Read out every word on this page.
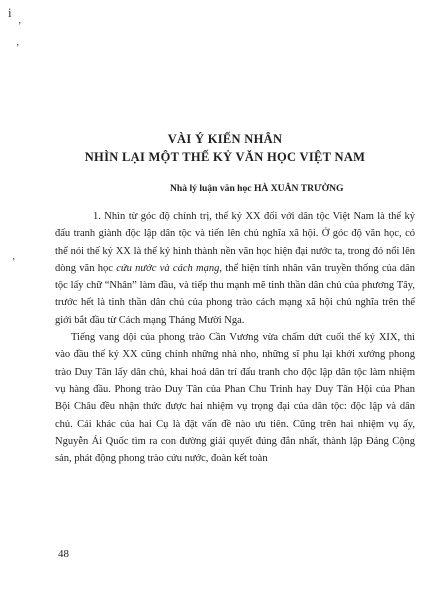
i
ʼ
ʼ
ʼ
VÀI Ý KIẾN NHÂN
NHÌN LẠI MỘT THẾ KỶ VĂN HỌC VIỆT NAM
Nhà lý luận văn học HÀ XUÂN TRƯỜNG

1. Nhìn từ góc độ chính trị, thế kỷ XX đối với dân tộc Việt Nam là thế kỷ đấu tranh giành độc lập dân tộc và tiến lên chủ nghĩa xã hội. Ở góc độ văn học, có thể nói thế kỷ XX là thế kỷ hình thành nền văn học hiện đại nước ta, trong đó nổi lên dòng văn học cứu nước và cách mạng, thể hiện tính nhân văn truyền thống của dân tộc lấy chữ “Nhân” làm đầu, và tiếp thu mạnh mẽ tinh thần dân chủ của phương Tây, trước hết là tinh thần dân chủ của phong trào cách mạng xã hội chủ nghĩa trên thế giới bắt đầu từ Cách mạng Tháng Mười Nga.

Tiếng vang dội của phong trào Cần Vương vừa chấm dứt cuối thế kỷ XIX, thì vào đầu thế kỷ XX cũng chính những nhà nho, những sĩ phu lại khởi xướng phong trào Duy Tân lấy dân chủ, khai hoá dân trí đấu tranh cho độc lập dân tộc làm nhiệm vụ hàng đầu. Phong trào Duy Tân của Phan Chu Trinh hay Duy Tân Hội của Phan Bội Châu đều nhận thức được hai nhiệm vụ trọng đại của dân tộc: độc lập và dân chủ. Cái khác của hai Cụ là đặt vấn đề nào ưu tiên. Cũng trên hai nhiệm vụ ấy, Nguyễn Ái Quốc tìm ra con đường giải quyết đúng đắn nhất, thành lập Đảng Cộng sản, phát động phong trào cứu nước, đoàn kết toàn

48
